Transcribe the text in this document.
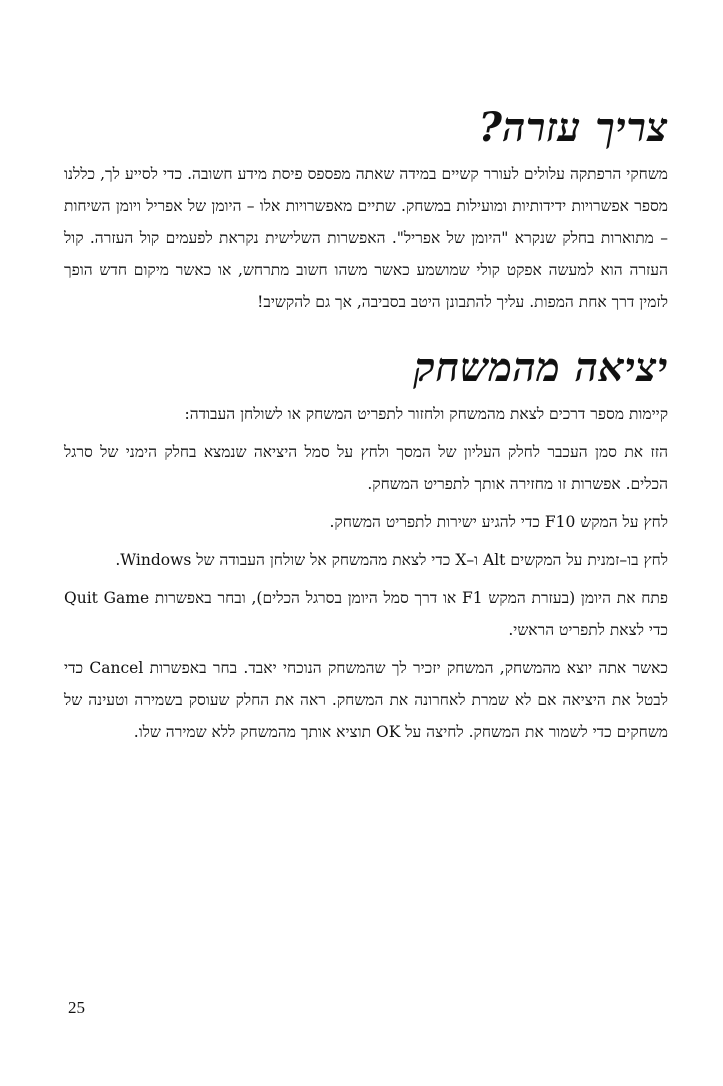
צריך עזרה?

משחקי הרפתקה עלולים לעורר קשיים במידה שאתה מפספס פיסת מידע חשובה. כדי לסייע לך, כללנו מספר אפשרויות ידידותיות ומועילות במשחק. שתיים מאפשרויות אלו – היומן של אפריל ויומן השיחות – מתוארות בחלק שנקרא "היומן של אפריל". האפשרות השלישית נקראת לפעמים קול העזרה. קול העזרה הוא למעשה אפקט קולי שמושמע כאשר משהו חשוב מתרחש, או כאשר מיקום חדש הופך לזמין דרך אחת המפות. עליך להתבונן היטב בסביבה, אך גם להקשיב!

יציאה מהמשחק

קיימות מספר דרכים לצאת מהמשחק ולחזור לתפריט המשחק או לשולחן העבודה:

הזז את סמן העכבר לחלק העליון של המסך ולחץ על סמל היציאה שנמצא בחלק הימני של סרגל הכלים. אפשרות זו מחזירה אותך לתפריט המשחק.

לחץ על המקש F10 כדי להגיע ישירות לתפריט המשחק.

לחץ בו–זמנית על המקשים Alt ו–X כדי לצאת מהמשחק אל שולחן העבודה של Windows.

פתח את היומן (בעזרת המקש F1 או דרך סמל היומן בסרגל הכלים), ובחר באפשרות Quit Game כדי לצאת לתפריט הראשי.

כאשר אתה יוצא מהמשחק, המשחק יזכיר לך שהמשחק הנוכחי יאבד. בחר באפשרות Cancel כדי לבטל את היציאה אם לא שמרת לאחרונה את המשחק. ראה את החלק שעוסק בשמירה וטעינה של משחקים כדי לשמור את המשחק. לחיצה על OK תוציא אותך מהמשחק ללא שמירה שלו.

25
